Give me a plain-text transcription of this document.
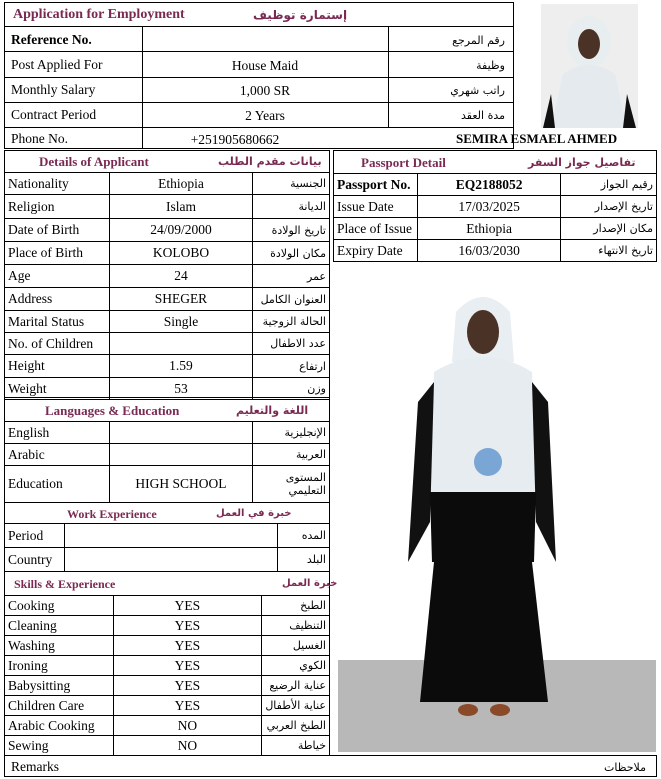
Application for Employment	إستمارة توظيف
Reference No.	رقم المرجع
Post Applied For	House Maid	وظيفة
Monthly Salary	1,000 SR	راتب شهري
Contract Period	2 Years	مدة العقد
Phone No.	+251905680662	SEMIRA ESMAEL AHMED
Details of Applicant	بيانات مقدم الطلب
Nationality	Ethiopia	الجنسية
Religion	Islam	الديانة
Date of Birth	24/09/2000	تاريخ الولادة
Place of Birth	KOLOBO	مكان الولادة
Age	24	عمر
Address	SHEGER	العنوان الكامل
Marital Status	Single	الحالة الزوجية
No. of Children		عدد الاطفال
Height	1.59	ارتفاع
Weight	53	وزن
Passport Detail	تفاصيل جواز السفر
Passport No.	EQ2188052	رقيم الجواز
Issue Date	17/03/2025	تاريخ الإصدار
Place of Issue	Ethiopia	مكان الإصدار
Expiry Date	16/03/2030	تاريخ الانتهاء
Languages & Education	اللغة والتعليم
English		الإنجليزية
Arabic		العربية
Education	HIGH SCHOOL	المستوى التعليمي
Work Experience	خبرة في العمل
Period		المده
Country		البلد
Skills & Experience	خبرة العمل
Cooking	YES	الطبخ
Cleaning	YES	التنظيف
Washing	YES	الغسيل
Ironing	YES	الكوي
Babysitting	YES	عناية الرضيع
Children Care	YES	عناية الأطفال
Arabic Cooking	NO	الطبخ العربي
Sewing	NO	خياطة
Remarks	ملاحظات
